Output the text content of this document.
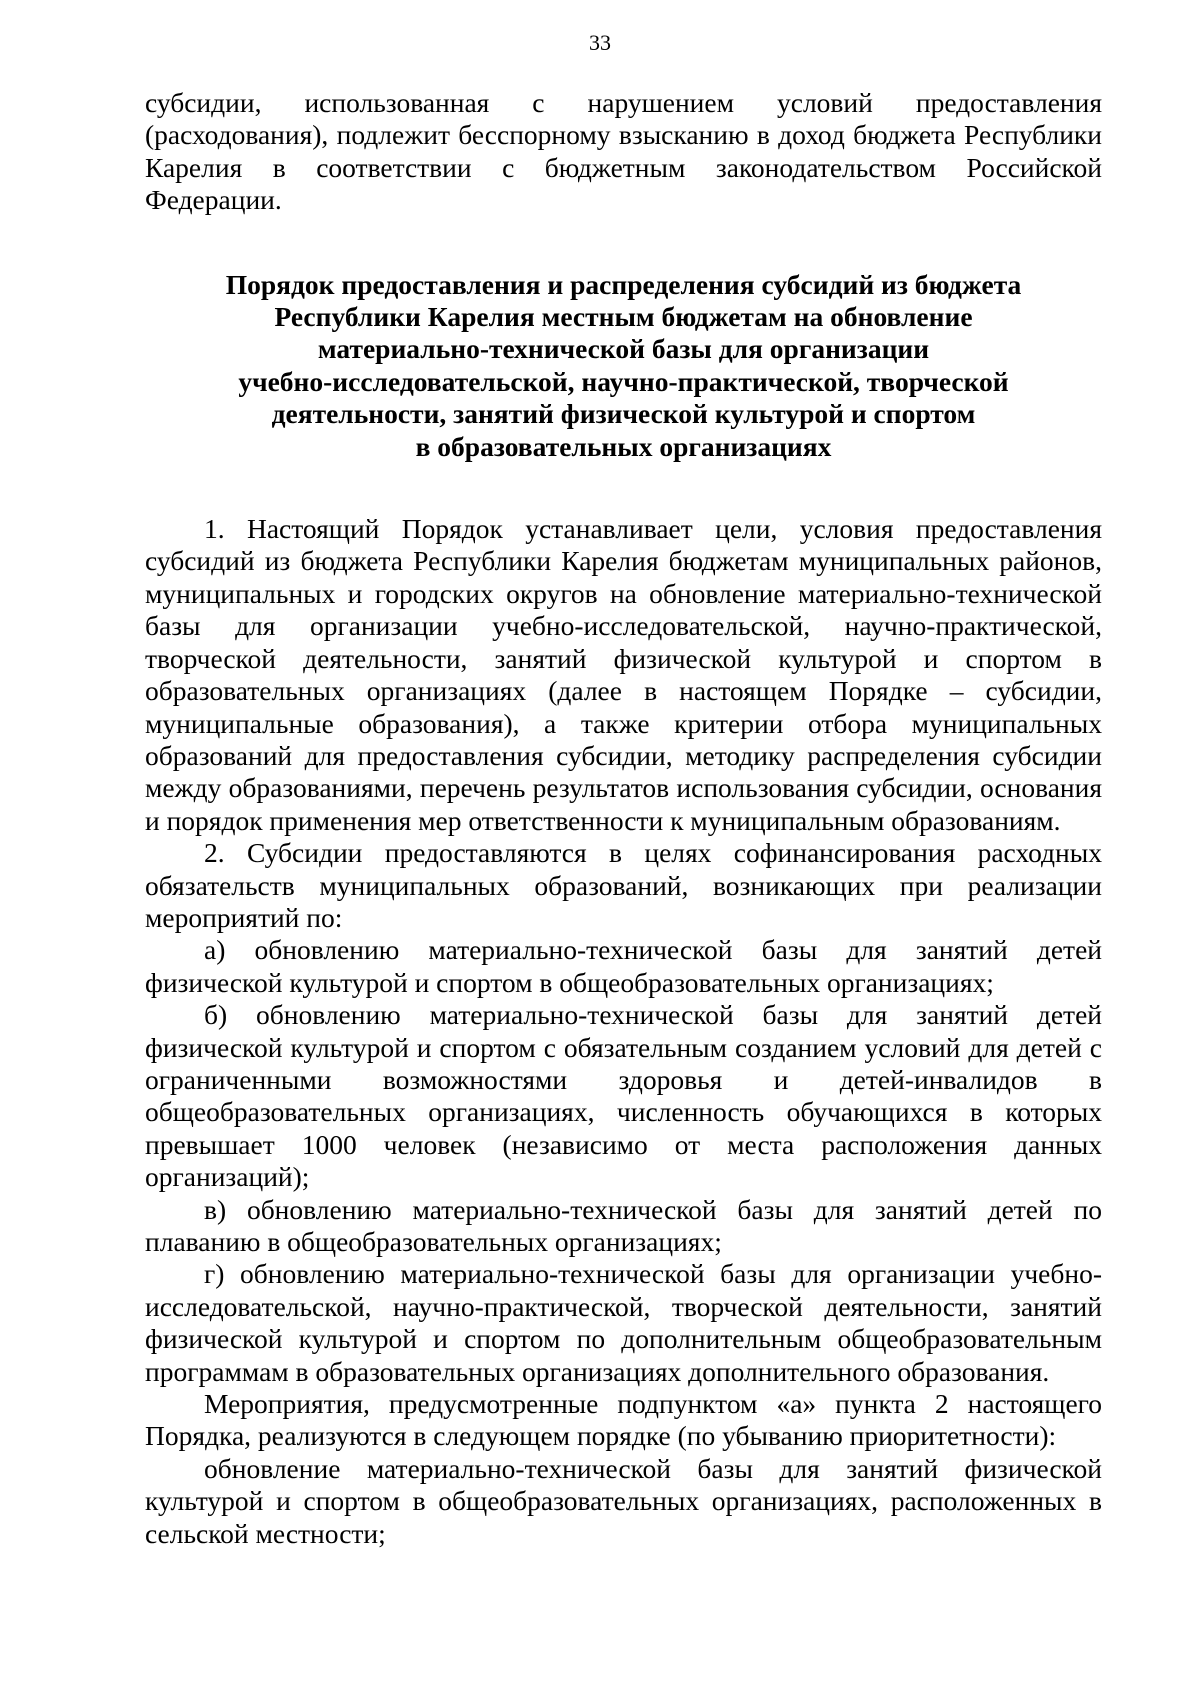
33

субсидии, использованная с нарушением условий предоставления (расходования), подлежит бесспорному взысканию в доход бюджета Республики Карелия в соответствии с бюджетным законодательством Российской Федерации.

Порядок предоставления и распределения субсидий из бюджета
Республики Карелия местным бюджетам на обновление
материально-технической базы для организации
учебно-исследовательской, научно-практической, творческой
деятельности, занятий физической культурой и спортом
в образовательных организациях

1. Настоящий Порядок устанавливает цели, условия предоставления субсидий из бюджета Республики Карелия бюджетам муниципальных районов, муниципальных и городских округов на обновление материально-технической базы для организации учебно-исследовательской, научно-практической, творческой деятельности, занятий физической культурой и спортом в образовательных организациях (далее в настоящем Порядке – субсидии, муниципальные образования), а также критерии отбора муниципальных образований для предоставления субсидии, методику распределения субсидии между образованиями, перечень результатов использования субсидии, основания и порядок применения мер ответственности к муниципальным образованиям.

2. Субсидии предоставляются в целях софинансирования расходных обязательств муниципальных образований, возникающих при реализации мероприятий по:

а) обновлению материально-технической базы для занятий детей физической культурой и спортом в общеобразовательных организациях;

б) обновлению материально-технической базы для занятий детей физической культурой и спортом с обязательным созданием условий для детей с ограниченными возможностями здоровья и детей-инвалидов в общеобразовательных организациях, численность обучающихся в которых превышает 1000 человек (независимо от места расположения данных организаций);

в) обновлению материально-технической базы для занятий детей по плаванию в общеобразовательных организациях;

г) обновлению материально-технической базы для организации учебно-исследовательской, научно-практической, творческой деятельности, занятий физической культурой и спортом по дополнительным общеобразовательным программам в образовательных организациях дополнительного образования.

Мероприятия, предусмотренные подпунктом «а» пункта 2 настоящего Порядка, реализуются в следующем порядке (по убыванию приоритетности):

обновление материально-технической базы для занятий физической культурой и спортом в общеобразовательных организациях, расположенных в сельской местности;
